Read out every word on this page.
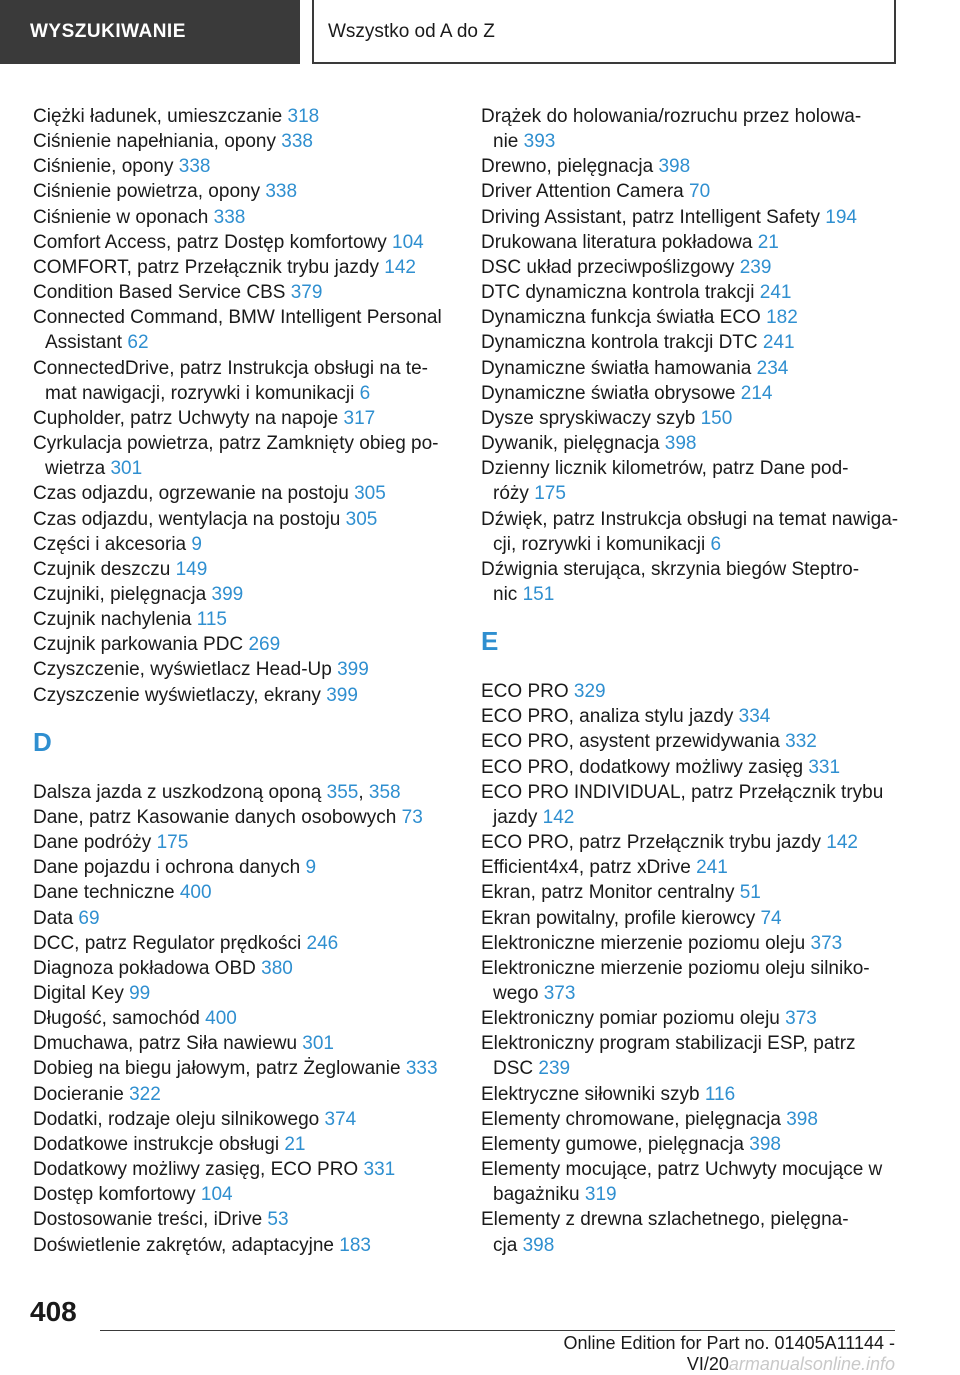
WYSZUKIWANIE	Wszystko od A do Z
Ciężki ładunek, umieszczanie 318
Ciśnienie napełniania, opony 338
Ciśnienie, opony 338
Ciśnienie powietrza, opony 338
Ciśnienie w oponach 338
Comfort Access, patrz Dostęp komfortowy 104
COMFORT, patrz Przełącznik trybu jazdy 142
Condition Based Service CBS 379
Connected Command, BMW Intelligent Personal
Assistant 62
ConnectedDrive, patrz Instrukcja obsługi na te-
mat nawigacji, rozrywki i komunikacji 6
Cupholder, patrz Uchwyty na napoje 317
Cyrkulacja powietrza, patrz Zamknięty obieg po-
wietrza 301
Czas odjazdu, ogrzewanie na postoju 305
Czas odjazdu, wentylacja na postoju 305
Części i akcesoria 9
Czujnik deszczu 149
Czujniki, pielęgnacja 399
Czujnik nachylenia 115
Czujnik parkowania PDC 269
Czyszczenie, wyświetlacz Head-Up 399
Czyszczenie wyświetlaczy, ekrany 399
D
Dalsza jazda z uszkodzoną oponą 355, 358
Dane, patrz Kasowanie danych osobowych 73
Dane podróży 175
Dane pojazdu i ochrona danych 9
Dane techniczne 400
Data 69
DCC, patrz Regulator prędkości 246
Diagnoza pokładowa OBD 380
Digital Key 99
Długość, samochód 400
Dmuchawa, patrz Siła nawiewu 301
Dobieg na biegu jałowym, patrz Żeglowanie 333
Docieranie 322
Dodatki, rodzaje oleju silnikowego 374
Dodatkowe instrukcje obsługi 21
Dodatkowy możliwy zasięg, ECO PRO 331
Dostęp komfortowy 104
Dostosowanie treści, iDrive 53
Doświetlenie zakrętów, adaptacyjne 183
Drążek do holowania/rozruchu przez holowa-
nie 393
Drewno, pielęgnacja 398
Driver Attention Camera 70
Driving Assistant, patrz Intelligent Safety 194
Drukowana literatura pokładowa 21
DSC układ przeciwpoślizgowy 239
DTC dynamiczna kontrola trakcji 241
Dynamiczna funkcja światła ECO 182
Dynamiczna kontrola trakcji DTC 241
Dynamiczne światła hamowania 234
Dynamiczne światła obrysowe 214
Dysze spryskiwaczy szyb 150
Dywanik, pielęgnacja 398
Dzienny licznik kilometrów, patrz Dane pod-
róży 175
Dźwięk, patrz Instrukcja obsługi na temat nawiga-
cji, rozrywki i komunikacji 6
Dźwignia sterująca, skrzynia biegów Steptro-
nic 151
E
ECO PRO 329
ECO PRO, analiza stylu jazdy 334
ECO PRO, asystent przewidywania 332
ECO PRO, dodatkowy możliwy zasięg 331
ECO PRO INDIVIDUAL, patrz Przełącznik trybu
jazdy 142
ECO PRO, patrz Przełącznik trybu jazdy 142
Efficient4x4, patrz xDrive 241
Ekran, patrz Monitor centralny 51
Ekran powitalny, profile kierowcy 74
Elektroniczne mierzenie poziomu oleju 373
Elektroniczne mierzenie poziomu oleju silniko-
wego 373
Elektroniczny pomiar poziomu oleju 373
Elektroniczny program stabilizacji ESP, patrz
DSC 239
Elektryczne siłowniki szyb 116
Elementy chromowane, pielęgnacja 398
Elementy gumowe, pielęgnacja 398
Elementy mocujące, patrz Uchwyty mocujące w
bagażniku 319
Elementy z drewna szlachetnego, pielęgna-
cja 398
408
Online Edition for Part no. 01405A11144 - VI/20armanualsonline.info
